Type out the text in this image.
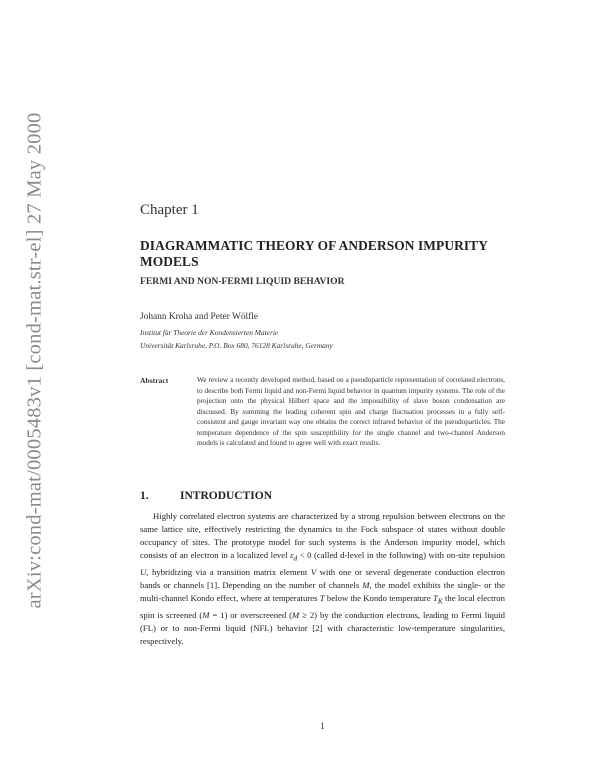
arXiv:cond-mat/0005483v1 [cond-mat.str-el] 27 May 2000	Chapter 1
DIAGRAMMATIC THEORY OF ANDERSON IMPURITY MODELS
FERMI AND NON-FERMI LIQUID BEHAVIOR
Johann Kroha and Peter Wölfle
Institut für Theorie der Kondensierten Materie
Universität Karlsruhe, P.O. Box 680, 76128 Karlsruhe, Germany
Abstract	We review a recently developed method, based on a pseudoparticle representation of correlated electrons, to describe both Fermi liquid and non-Fermi liquid behavior in quantum impurity systems. The role of the projection onto the physical Hilbert space and the impossibility of slave boson condensation are discussed. By summing the leading coherent spin and charge fluctuation processes in a fully self-consistent and gauge invariant way one obtains the correct infrared behavior of the pseudoparticles. The temperature dependence of the spin susceptibility for the single channel and two-channel Anderson models is calculated and found to agree well with exact results.
1.	INTRODUCTION
Highly correlated electron systems are characterized by a strong repulsion between electrons on the same lattice site, effectively restricting the dynamics to the Fock subspace of states without double occupancy of sites. The prototype model for such systems is the Anderson impurity model, which consists of an electron in a localized level $\varepsilon_d < 0$ (called d-level in the following) with on-site repulsion U, hybridizing via a transition matrix element V with one or several degenerate conduction electron bands or channels [1]. Depending on the number of channels M, the model exhibits the single- or the multi-channel Kondo effect, where at temperatures T below the Kondo temperature $T_K$ the local electron spin is screened (M = 1) or overscreened (M ≥ 2) by the conduction electrons, leading to Fermi liquid (FL) or to non-Fermi liquid (NFL) behavior [2] with characteristic low-temperature singularities, respectively.
1
